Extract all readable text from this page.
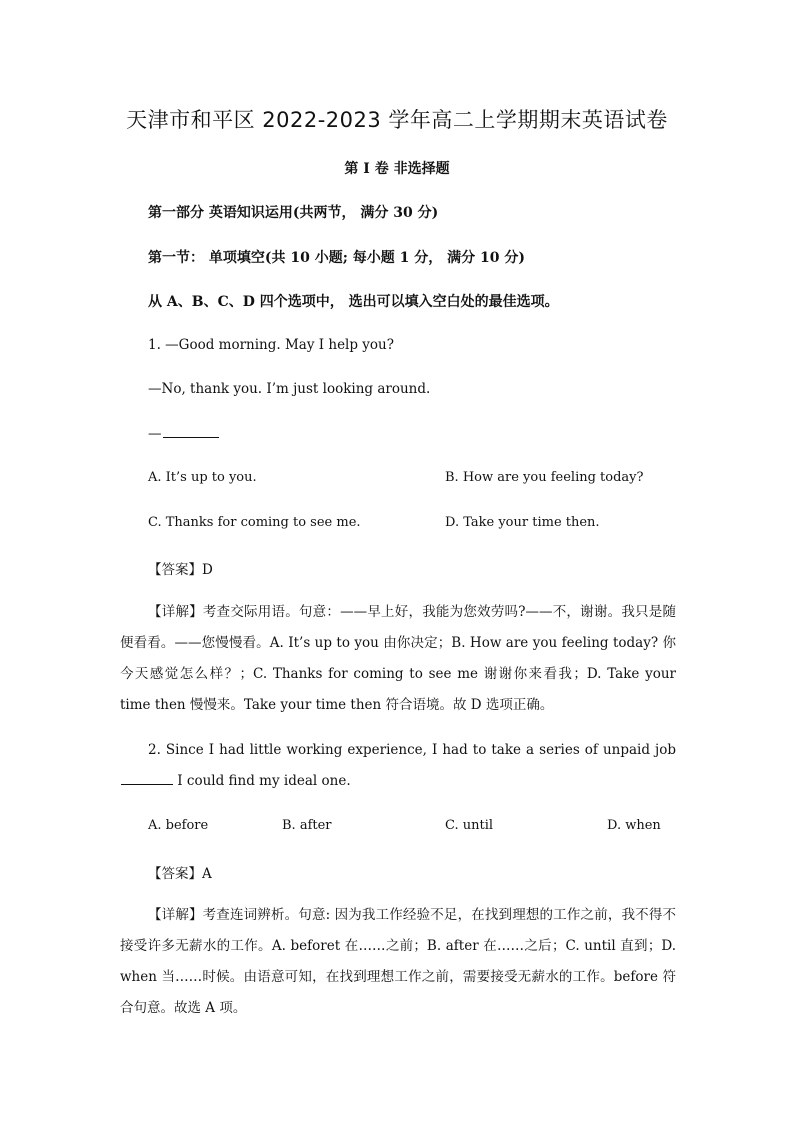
天津市和平区 2022-2023 学年高二上学期期末英语试卷
第 I 卷 非选择题
第一部分 英语知识运用(共两节， 满分 30 分)
第一节： 单项填空(共 10 小题; 每小题 1 分， 满分 10 分)
从 A、B、C、D 四个选项中， 选出可以填入空白处的最佳选项。
1. —Good morning. May I help you?
—No, thank you. I’m just looking around.
—
A. It’s up to you.	B. How are you feeling today?
C. Thanks for coming to see me.	D. Take your time then.
【答案】D

【详解】考查交际用语。句意：——早上好，我能为您效劳吗?——不，谢谢。我只是随便看看。——您慢慢看。A. It’s up to you 由你决定；B. How are you feeling today? 你今天感觉怎么样？；C. Thanks for coming to see me 谢谢你来看我；D. Take your time then 慢慢来。Take your time then 符合语境。故 D 选项正确。

2. Since I had little working experience, I had to take a series of unpaid job  I could find my ideal one.

A. before	B. after	C. until	D. when
【答案】A

【详解】考查连词辨析。句意: 因为我工作经验不足，在找到理想的工作之前，我不得不接受许多无薪水的工作。A. beforet 在……之前；B. after 在……之后；C. until 直到；D. when 当……时候。由语意可知，在找到理想工作之前，需要接受无薪水的工作。before 符合句意。故选 A 项。
